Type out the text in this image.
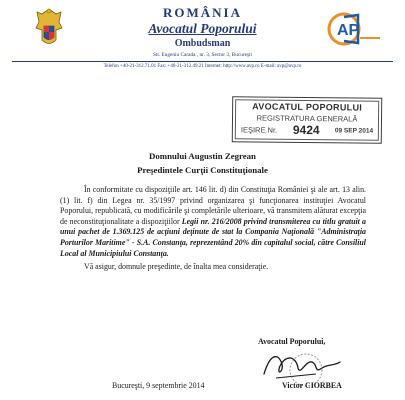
ROMÂNIA
Avocatul Poporului
Ombudsman
Str. Eugeniu Carada , nr. 3, Sector 3, Bucureşti
Telefon +40-21-312.71.01 Fax: +40-21-312.49.21 Internet: http://www.avp.ro E-mail: avp@avp.ro
AP
AVOCATUL POPORULUI
REGISTRATURA GENERALĂ
IEŞIRE Nr. 9424 09 SEP 2014
Domnului Augustin Zegrean
Preşedintele Curţii Constituţionale

În conformitate cu dispoziţiile art. 146 lit. d) din Constituţia României şi ale art. 13 alin. (1) lit. f) din Legea nr. 35/1997 privind organizarea şi funcţionarea instituţiei Avocatul Poporului, republicată, cu modificările şi completările ulterioare, vă transmitem alăturat excepţia de neconstituţionalitate a dispoziţiilor Legii nr. 216/2008 privind transmiterea cu titlu gratuit a unui pachet de 1.369.125 de acţiuni deţinute de stat la Compania Naţională "Administraţia Porturilor Maritime" - S.A. Constanţa, reprezentând 20% din capitalul social, către Consiliul Local al Municipiului Constanţa.

Vă asigur, domnule preşedinte, de înalta mea consideraţie.

Avocatul Poporului,
Victor CIORBEA
Bucureşti, 9 septembrie 2014
